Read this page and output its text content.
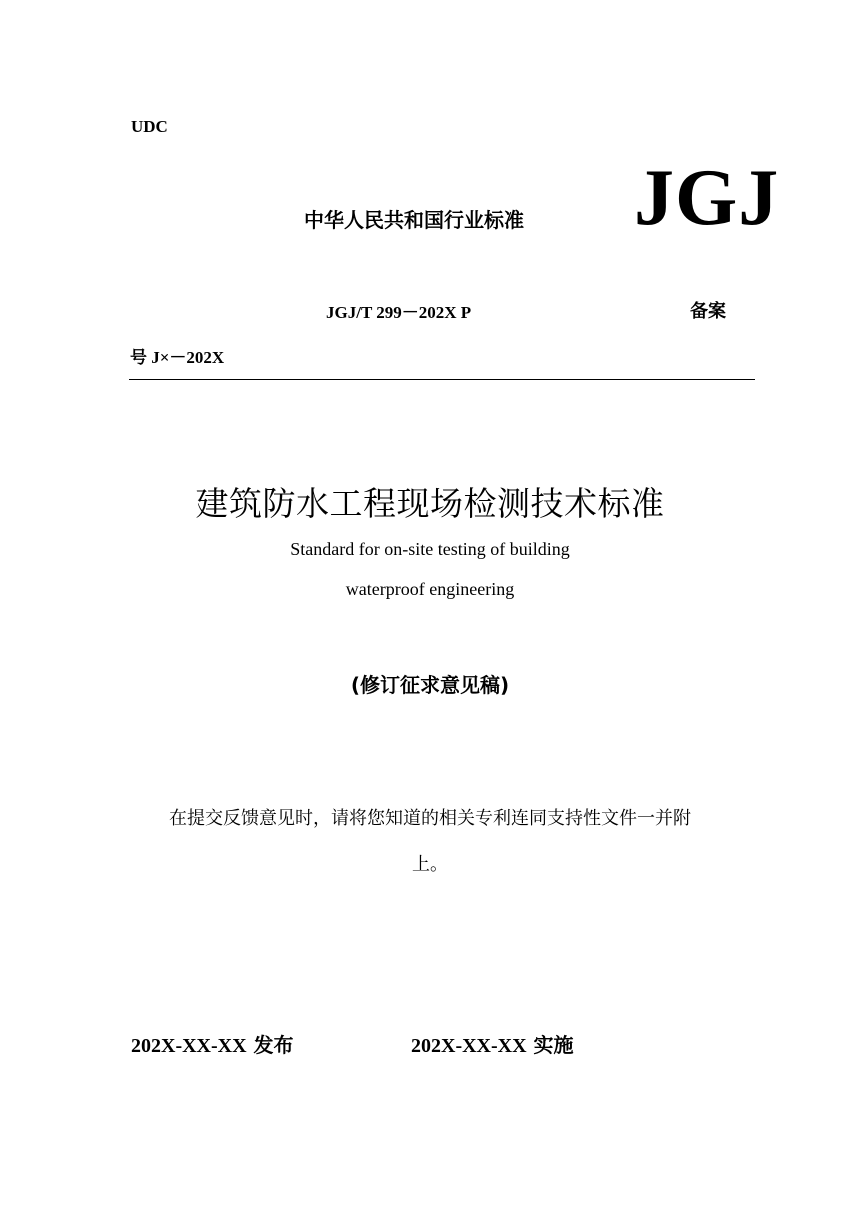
UDC
中华人民共和国行业标准 JGJ
JGJ/T 299－202X P	备案
号 J×－202X
建筑防水工程现场检测技术标准
Standard for on-site testing of building
waterproof engineering
(修订征求意见稿)
在提交反馈意见时，请将您知道的相关专利连同支持性文件一并附
上。
202X-XX-XX 发布	202X-XX-XX 实施
